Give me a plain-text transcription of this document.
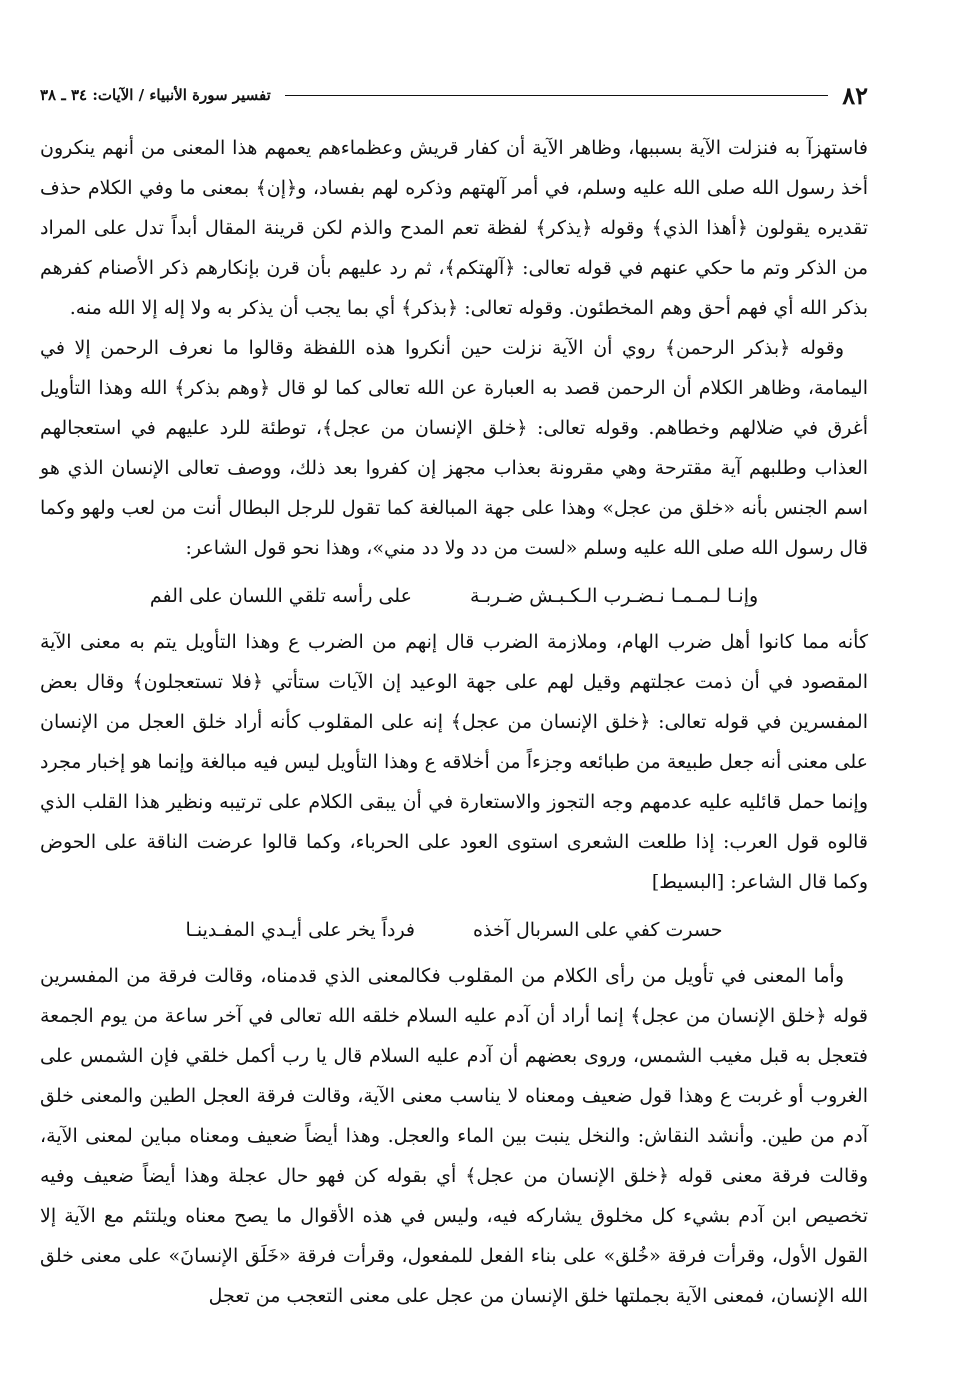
٨٢
تفسير سورة الأنبياء / الآيات: ٣٤ ـ ٣٨

فاستهزآ به فنزلت الآية بسببها، وظاهر الآية أن كفار قريش وعظماءهم يعمهم هذا المعنى من أنهم ينكرون أخذ رسول الله صلى الله عليه وسلم، في أمر آلهتهم وذكره لهم بفساد، و﴿إن﴾ بمعنى ما وفي الكلام حذف تقديره يقولون ﴿أهذا الذي﴾ وقوله ﴿يذكر﴾ لفظة تعم المدح والذم لكن قرينة المقال أبداً تدل على المراد من الذكر وتم ما حكي عنهم في قوله تعالى: ﴿آلهتكم﴾، ثم رد عليهم بأن قرن بإنكارهم ذكر الأصنام كفرهم بذكر الله أي فهم أحق وهم المخطئون. وقوله تعالى: ﴿بذكر﴾ أي بما يجب أن يذكر به ولا إله إلا الله منه.

وقوله ﴿بذكر الرحمن﴾ روي أن الآية نزلت حين أنكروا هذه اللفظة وقالوا ما نعرف الرحمن إلا في اليمامة، وظاهر الكلام أن الرحمن قصد به العبارة عن الله تعالى كما لو قال ﴿وهم بذكر﴾ الله وهذا التأويل أغرق في ضلالهم وخطاهم. وقوله تعالى: ﴿خلق الإنسان من عجل﴾، توطئة للرد عليهم في استعجالهم العذاب وطلبهم آية مقترحة وهي مقرونة بعذاب مجهز إن كفروا بعد ذلك، ووصف تعالى الإنسان الذي هو اسم الجنس بأنه «خلق من عجل» وهذا على جهة المبالغة كما تقول للرجل البطال أنت من لعب ولهو وكما قال رسول الله صلى الله عليه وسلم «لست من دد ولا دد مني»، وهذا نحو قول الشاعر:

وإنـا لـمـمـا نـضـرب الـكـبـش ضـربـة
على رأسه تلقي اللسان على الفم

كأنه مما كانوا أهل ضرب الهام، وملازمة الضرب قال إنهم من الضرب ع وهذا التأويل يتم به معنى الآية المقصود في أن ذمت عجلتهم وقيل لهم على جهة الوعيد إن الآيات ستأتي ﴿فلا تستعجلون﴾ وقال بعض المفسرين في قوله تعالى: ﴿خلق الإنسان من عجل﴾ إنه على المقلوب كأنه أراد خلق العجل من الإنسان على معنى أنه جعل طبيعة من طبائعه وجزءاً من أخلاقه ع وهذا التأويل ليس فيه مبالغة وإنما هو إخبار مجرد وإنما حمل قائليه عليه عدمهم وجه التجوز والاستعارة في أن يبقى الكلام على ترتيبه ونظير هذا القلب الذي قالوه قول العرب: إذا طلعت الشعرى استوى العود على الحرباء، وكما قالوا عرضت الناقة على الحوض وكما قال الشاعر: [البسيط]

حسرت كفي على السربال آخذه
فرداً يخر على أيـدي المفـدينـا

وأما المعنى في تأويل من رأى الكلام من المقلوب فكالمعنى الذي قدمناه، وقالت فرقة من المفسرين قوله ﴿خلق الإنسان من عجل﴾ إنما أراد أن آدم عليه السلام خلقه الله تعالى في آخر ساعة من يوم الجمعة فتعجل به قبل مغيب الشمس، وروى بعضهم أن آدم عليه السلام قال يا رب أكمل خلقي فإن الشمس على الغروب أو غربت ع وهذا قول ضعيف ومعناه لا يناسب معنى الآية، وقالت فرقة العجل الطين والمعنى خلق آدم من طين. وأنشد النقاش: والنخل ينبت بين الماء والعجل. وهذا أيضاً ضعيف ومعناه مباين لمعنى الآية، وقالت فرقة معنى قوله ﴿خلق الإنسان من عجل﴾ أي بقوله كن فهو حال عجلة وهذا أيضاً ضعيف وفيه تخصيص ابن آدم بشيء كل مخلوق يشاركه فيه، وليس في هذه الأقوال ما يصح معناه ويلتئم مع الآية إلا القول الأول، وقرأت فرقة «خُلق» على بناء الفعل للمفعول، وقرأت فرقة «خَلَق الإنسانَ» على معنى خلق الله الإنسان، فمعنى الآية بجملتها خلق الإنسان من عجل على معنى التعجب من تعجل
